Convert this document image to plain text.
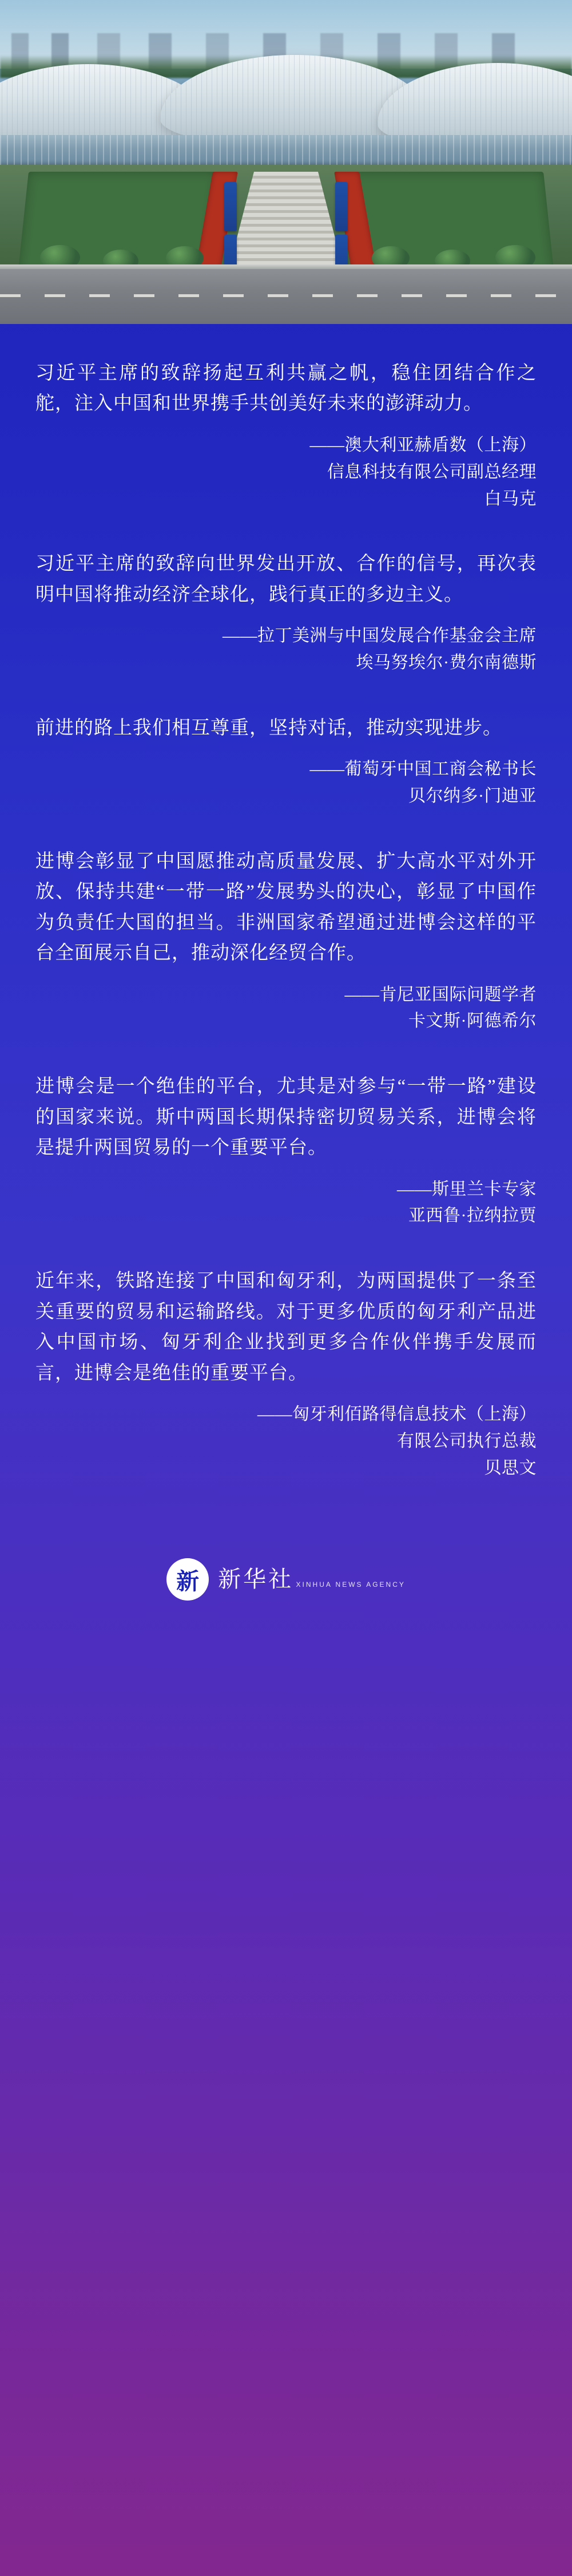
习近平主席的致辞扬起互利共赢之帆，稳住团结合作之舵，注入中国和世界携手共创美好未来的澎湃动力。

——澳大利亚赫盾数（上海）
信息科技有限公司副总经理
白马克

习近平主席的致辞向世界发出开放、合作的信号，再次表明中国将推动经济全球化，践行真正的多边主义。

——拉丁美洲与中国发展合作基金会主席
埃马努埃尔·费尔南德斯

前进的路上我们相互尊重，坚持对话，推动实现进步。

——葡萄牙中国工商会秘书长
贝尔纳多·门迪亚

进博会彰显了中国愿推动高质量发展、扩大高水平对外开放、保持共建“一带一路”发展势头的决心，彰显了中国作为负责任大国的担当。非洲国家希望通过进博会这样的平台全面展示自己，推动深化经贸合作。

——肯尼亚国际问题学者
卡文斯·阿德希尔

进博会是一个绝佳的平台，尤其是对参与“一带一路”建设的国家来说。斯中两国长期保持密切贸易关系，进博会将是提升两国贸易的一个重要平台。

——斯里兰卡专家
亚西鲁·拉纳拉贾

近年来，铁路连接了中国和匈牙利，为两国提供了一条至关重要的贸易和运输路线。对于更多优质的匈牙利产品进入中国市场、匈牙利企业找到更多合作伙伴携手发展而言，进博会是绝佳的重要平台。

——匈牙利佰路得信息技术（上海）
有限公司执行总裁
贝思文
新 新华社 XINHUA NEWS AGENCY
